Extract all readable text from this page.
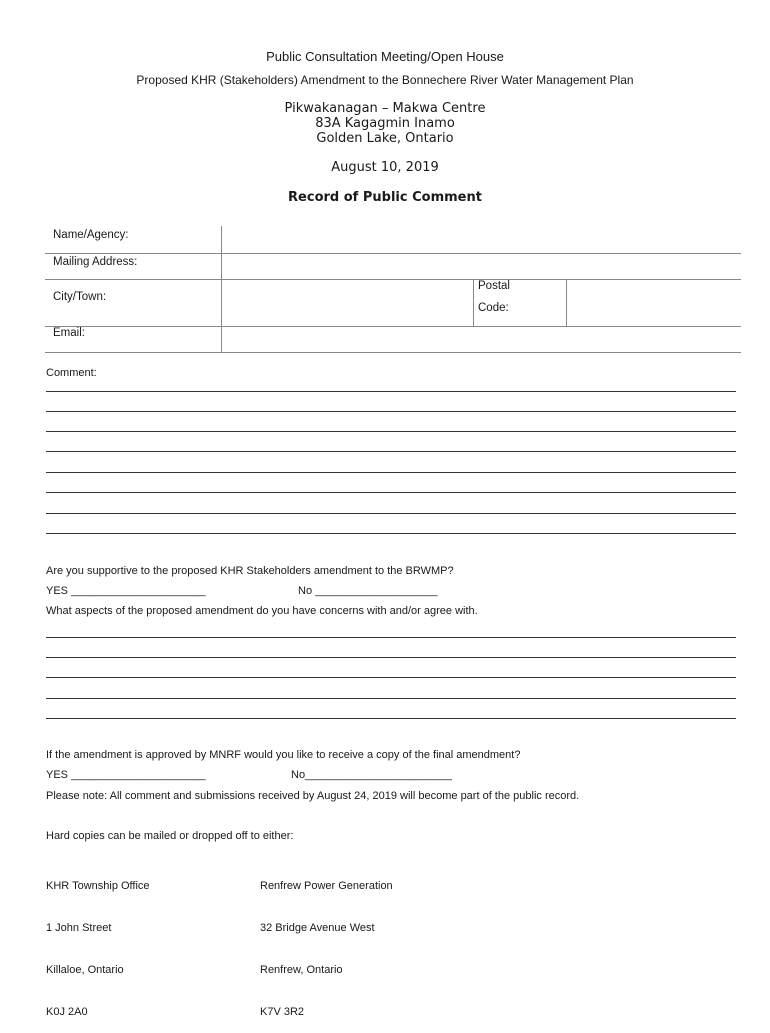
Public Consultation Meeting/Open House
Proposed KHR (Stakeholders) Amendment to the Bonnechere River Water Management Plan
Pikwakanagan – Makwa Centre
83A Kagagmin Inamo
Golden Lake, Ontario
August 10, 2019
Record of Public Comment
Name/Agency:
Mailing Address:
City/Town:
Email:
Postal
Code:
Comment:
Are you supportive to the proposed KHR Stakeholders amendment to the BRWMP?
YES ______________________	No ____________________
What aspects of the proposed amendment do you have concerns with and/or agree with.
If the amendment is approved by MNRF would you like to receive a copy of the final amendment?
YES ______________________	No________________________
Please note: All comment and submissions received by August 24, 2019 will become part of the public record.
Hard copies can be mailed or dropped off to either:

KHR Township Office

1 John Street

Killaloe, Ontario

K0J 2A0

Renfrew Power Generation

32 Bridge Avenue West

Renfrew, Ontario

K7V 3R2
